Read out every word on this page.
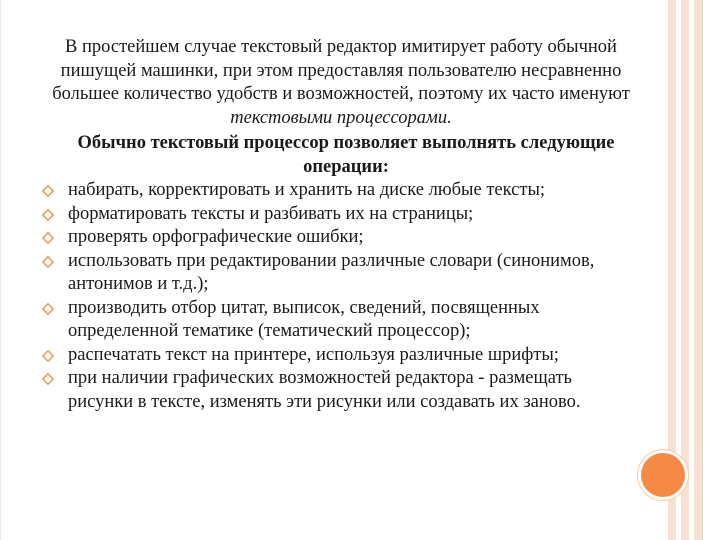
В простейшем случае текстовый редактор имитирует работу обычной пишущей машинки, при этом предоставляя пользователю несравненно большее количество удобств и возможностей, поэтому их часто именуют текстовыми процессорами.
Обычно текстовый процессор позволяет выполнять следующие операции:
набирать, корректировать и хранить на диске любые тексты;
форматировать тексты и разбивать их на страницы;
проверять орфографические ошибки;
использовать при редактировании различные словари (синонимов, антонимов и т.д.);
производить отбор цитат, выписок, сведений, посвященных определенной тематике (тематический процессор);
распечатать текст на принтере, используя различные шрифты;
при наличии графических возможностей редактора - размещать рисунки в тексте, изменять эти рисунки или создавать их заново.
